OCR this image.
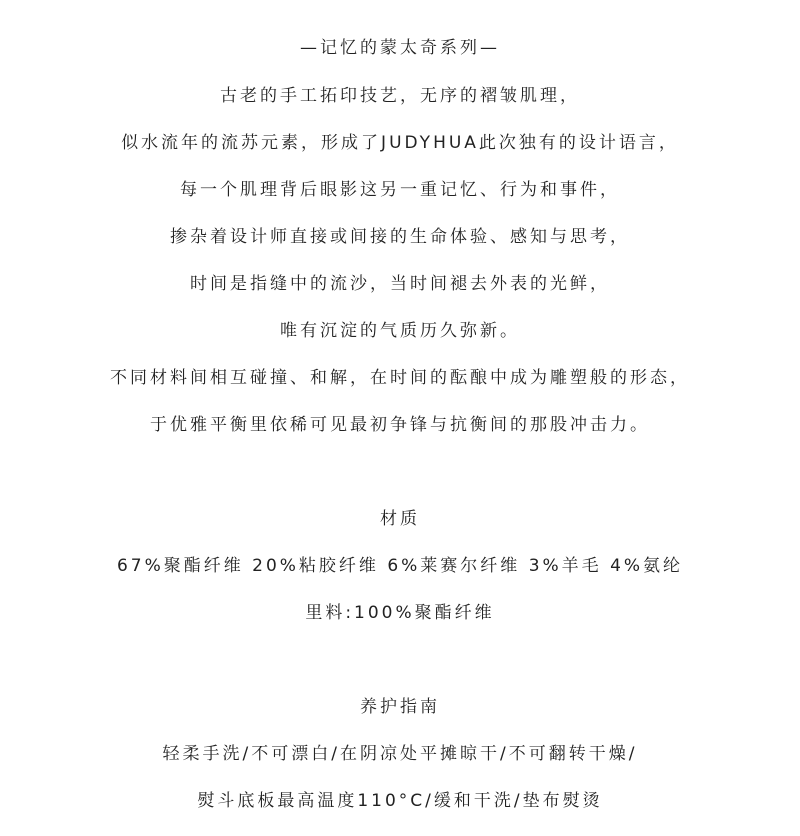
—记忆的蒙太奇系列—
古老的手工拓印技艺，无序的褶皱肌理，
似水流年的流苏元素，形成了JUDYHUA此次独有的设计语言，
每一个肌理背后眼影这另一重记忆、行为和事件，
掺杂着设计师直接或间接的生命体验、感知与思考，
时间是指缝中的流沙，当时间褪去外表的光鲜，
唯有沉淀的气质历久弥新。
不同材料间相互碰撞、和解，在时间的酝酿中成为雕塑般的形态，
于优雅平衡里依稀可见最初争锋与抗衡间的那股冲击力。
材质
67%聚酯纤维 20%粘胶纤维 6%莱赛尔纤维 3%羊毛 4%氨纶
里料:100%聚酯纤维
养护指南
轻柔手洗/不可漂白/在阴凉处平摊晾干/不可翻转干燥/
熨斗底板最高温度110°C/缓和干洗/垫布熨烫
